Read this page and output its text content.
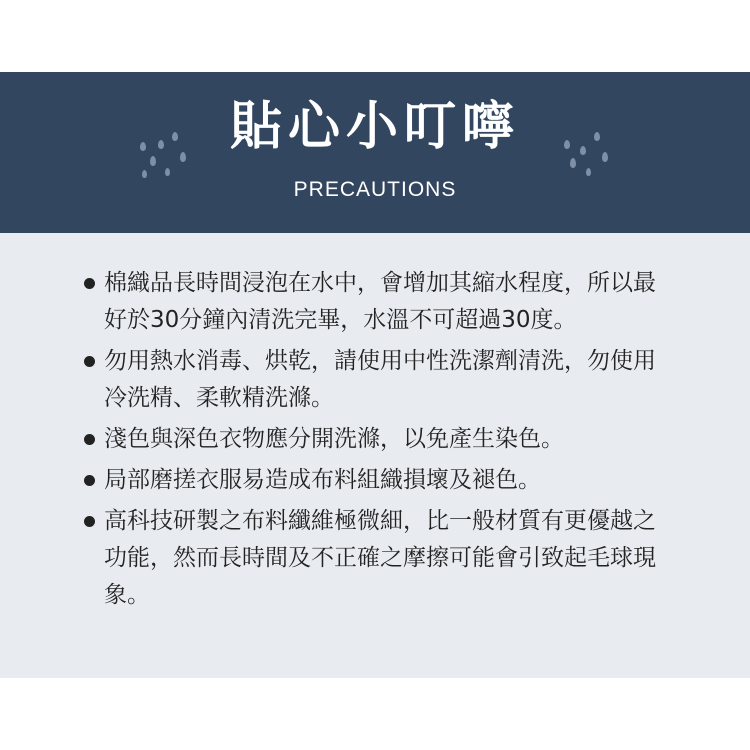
貼心小叮嚀
PRECAUTIONS
棉織品長時間浸泡在水中，會增加其縮水程度，所以最好於30分鐘內清洗完畢，水溫不可超過30度。
勿用熱水消毒、烘乾，請使用中性洗潔劑清洗，勿使用冷洗精、柔軟精洗滌。
淺色與深色衣物應分開洗滌，以免產生染色。
局部磨搓衣服易造成布料組織損壞及褪色。
高科技研製之布料纖維極微細，比一般材質有更優越之功能，然而長時間及不正確之摩擦可能會引致起毛球現象。
